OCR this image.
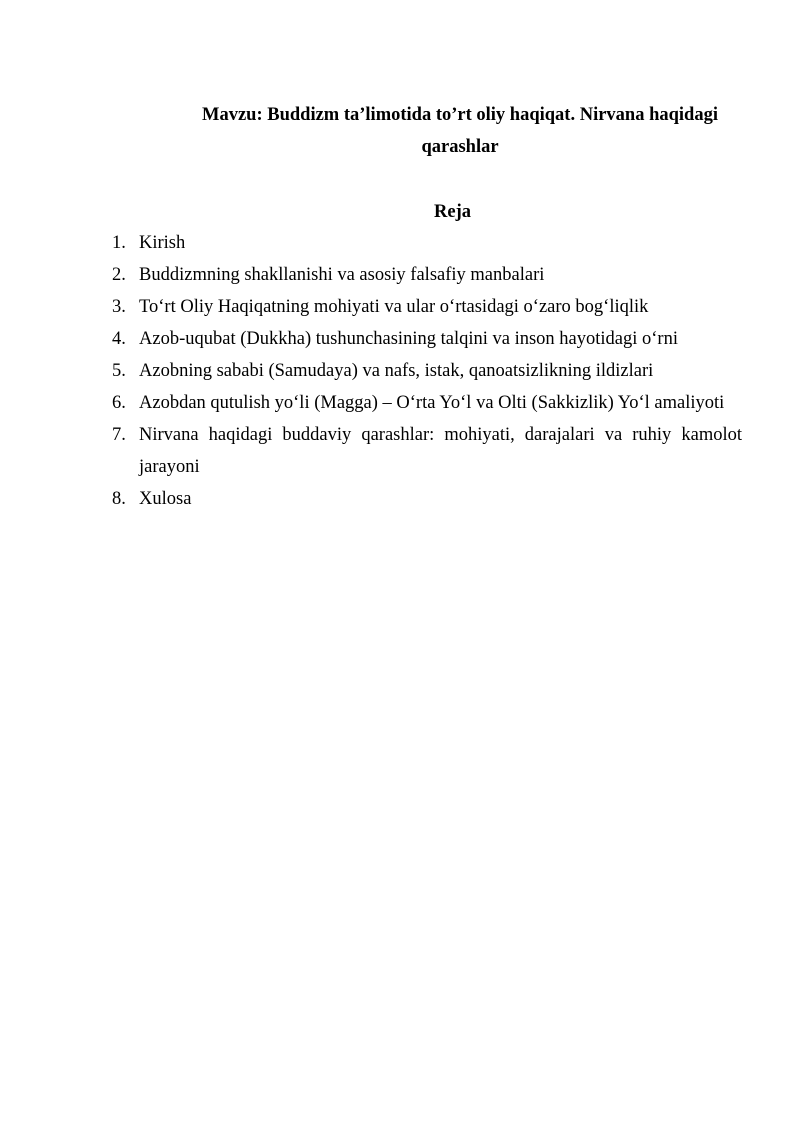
Mavzu: Buddizm ta’limotida to’rt oliy haqiqat. Nirvana haqidagi
qarashlar

Reja

1. Kirish
2. Buddizmning shakllanishi va asosiy falsafiy manbalari
3. To‘rt Oliy Haqiqatning mohiyati va ular o‘rtasidagi o‘zaro bog‘liqlik
4. Azob-uqubat (Dukkha) tushunchasining talqini va inson hayotidagi o‘rni
5. Azobning sababi (Samudaya) va nafs, istak, qanoatsizlikning ildizlari
6. Azobdan qutulish yo‘li (Magga) – O‘rta Yo‘l va Olti (Sakkizlik) Yo‘l amaliyoti
7. Nirvana haqidagi buddaviy qarashlar: mohiyati, darajalari va ruhiy kamolot jarayoni
8. Xulosa
